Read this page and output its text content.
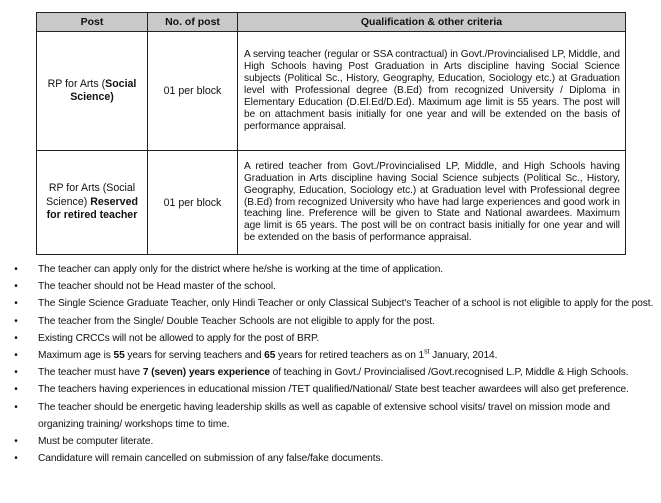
Post	No. of post	Qualification & other criteria
RP for Arts (Social Science)	01 per block	A serving teacher (regular or SSA contractual) in Govt./Provincialised LP, Middle, and High Schools having Post Graduation in Arts discipline having Social Science subjects (Political Sc., History, Geography, Education, Sociology etc.) at Graduation level with Professional degree (B.Ed) from recognized University / Diploma in Elementary Education (D.El.Ed/D.Ed). Maximum age limit is 55 years. The post will be on attachment basis initially for one year and will be extended on the basis of performance appraisal.
RP for Arts (Social Science) Reserved for retired teacher	01 per block	A retired teacher from Govt./Provincialised LP, Middle, and High Schools having Graduation in Arts discipline having Social Science subjects (Political Sc., History, Geography, Education, Sociology etc.) at Graduation level with Professional degree (B.Ed) from recognized University who have had large experiences and good work in teaching line. Preference will be given to State and National awardees. Maximum age limit is 65 years. The post will be on contract basis initially for one year and will be extended on the basis of performance appraisal.
• The teacher can apply only for the district where he/she is working at the time of application.
• The teacher should not be Head master of the school.
• The Single Science Graduate Teacher, only Hindi Teacher or only Classical Subject's Teacher of a school is not eligible to apply for the post.
• The teacher from the Single/ Double Teacher Schools are not eligible to apply for the post.
• Existing CRCCs will not be allowed to apply for the post of BRP.
• Maximum age is 55 years for serving teachers and 65 years for retired teachers as on 1st January, 2014.
• The teacher must have 7 (seven) years experience of teaching in Govt./ Provincialised /Govt.recognised L.P, Middle & High Schools.
• The teachers having experiences in educational mission /TET qualified/National/ State best teacher awardees will also get preference.
• The teacher should be energetic having leadership skills as well as capable of extensive school visits/ travel on mission mode and organizing training/ workshops time to time.
• Must be computer literate.
• Candidature will remain cancelled on submission of any false/fake documents.
